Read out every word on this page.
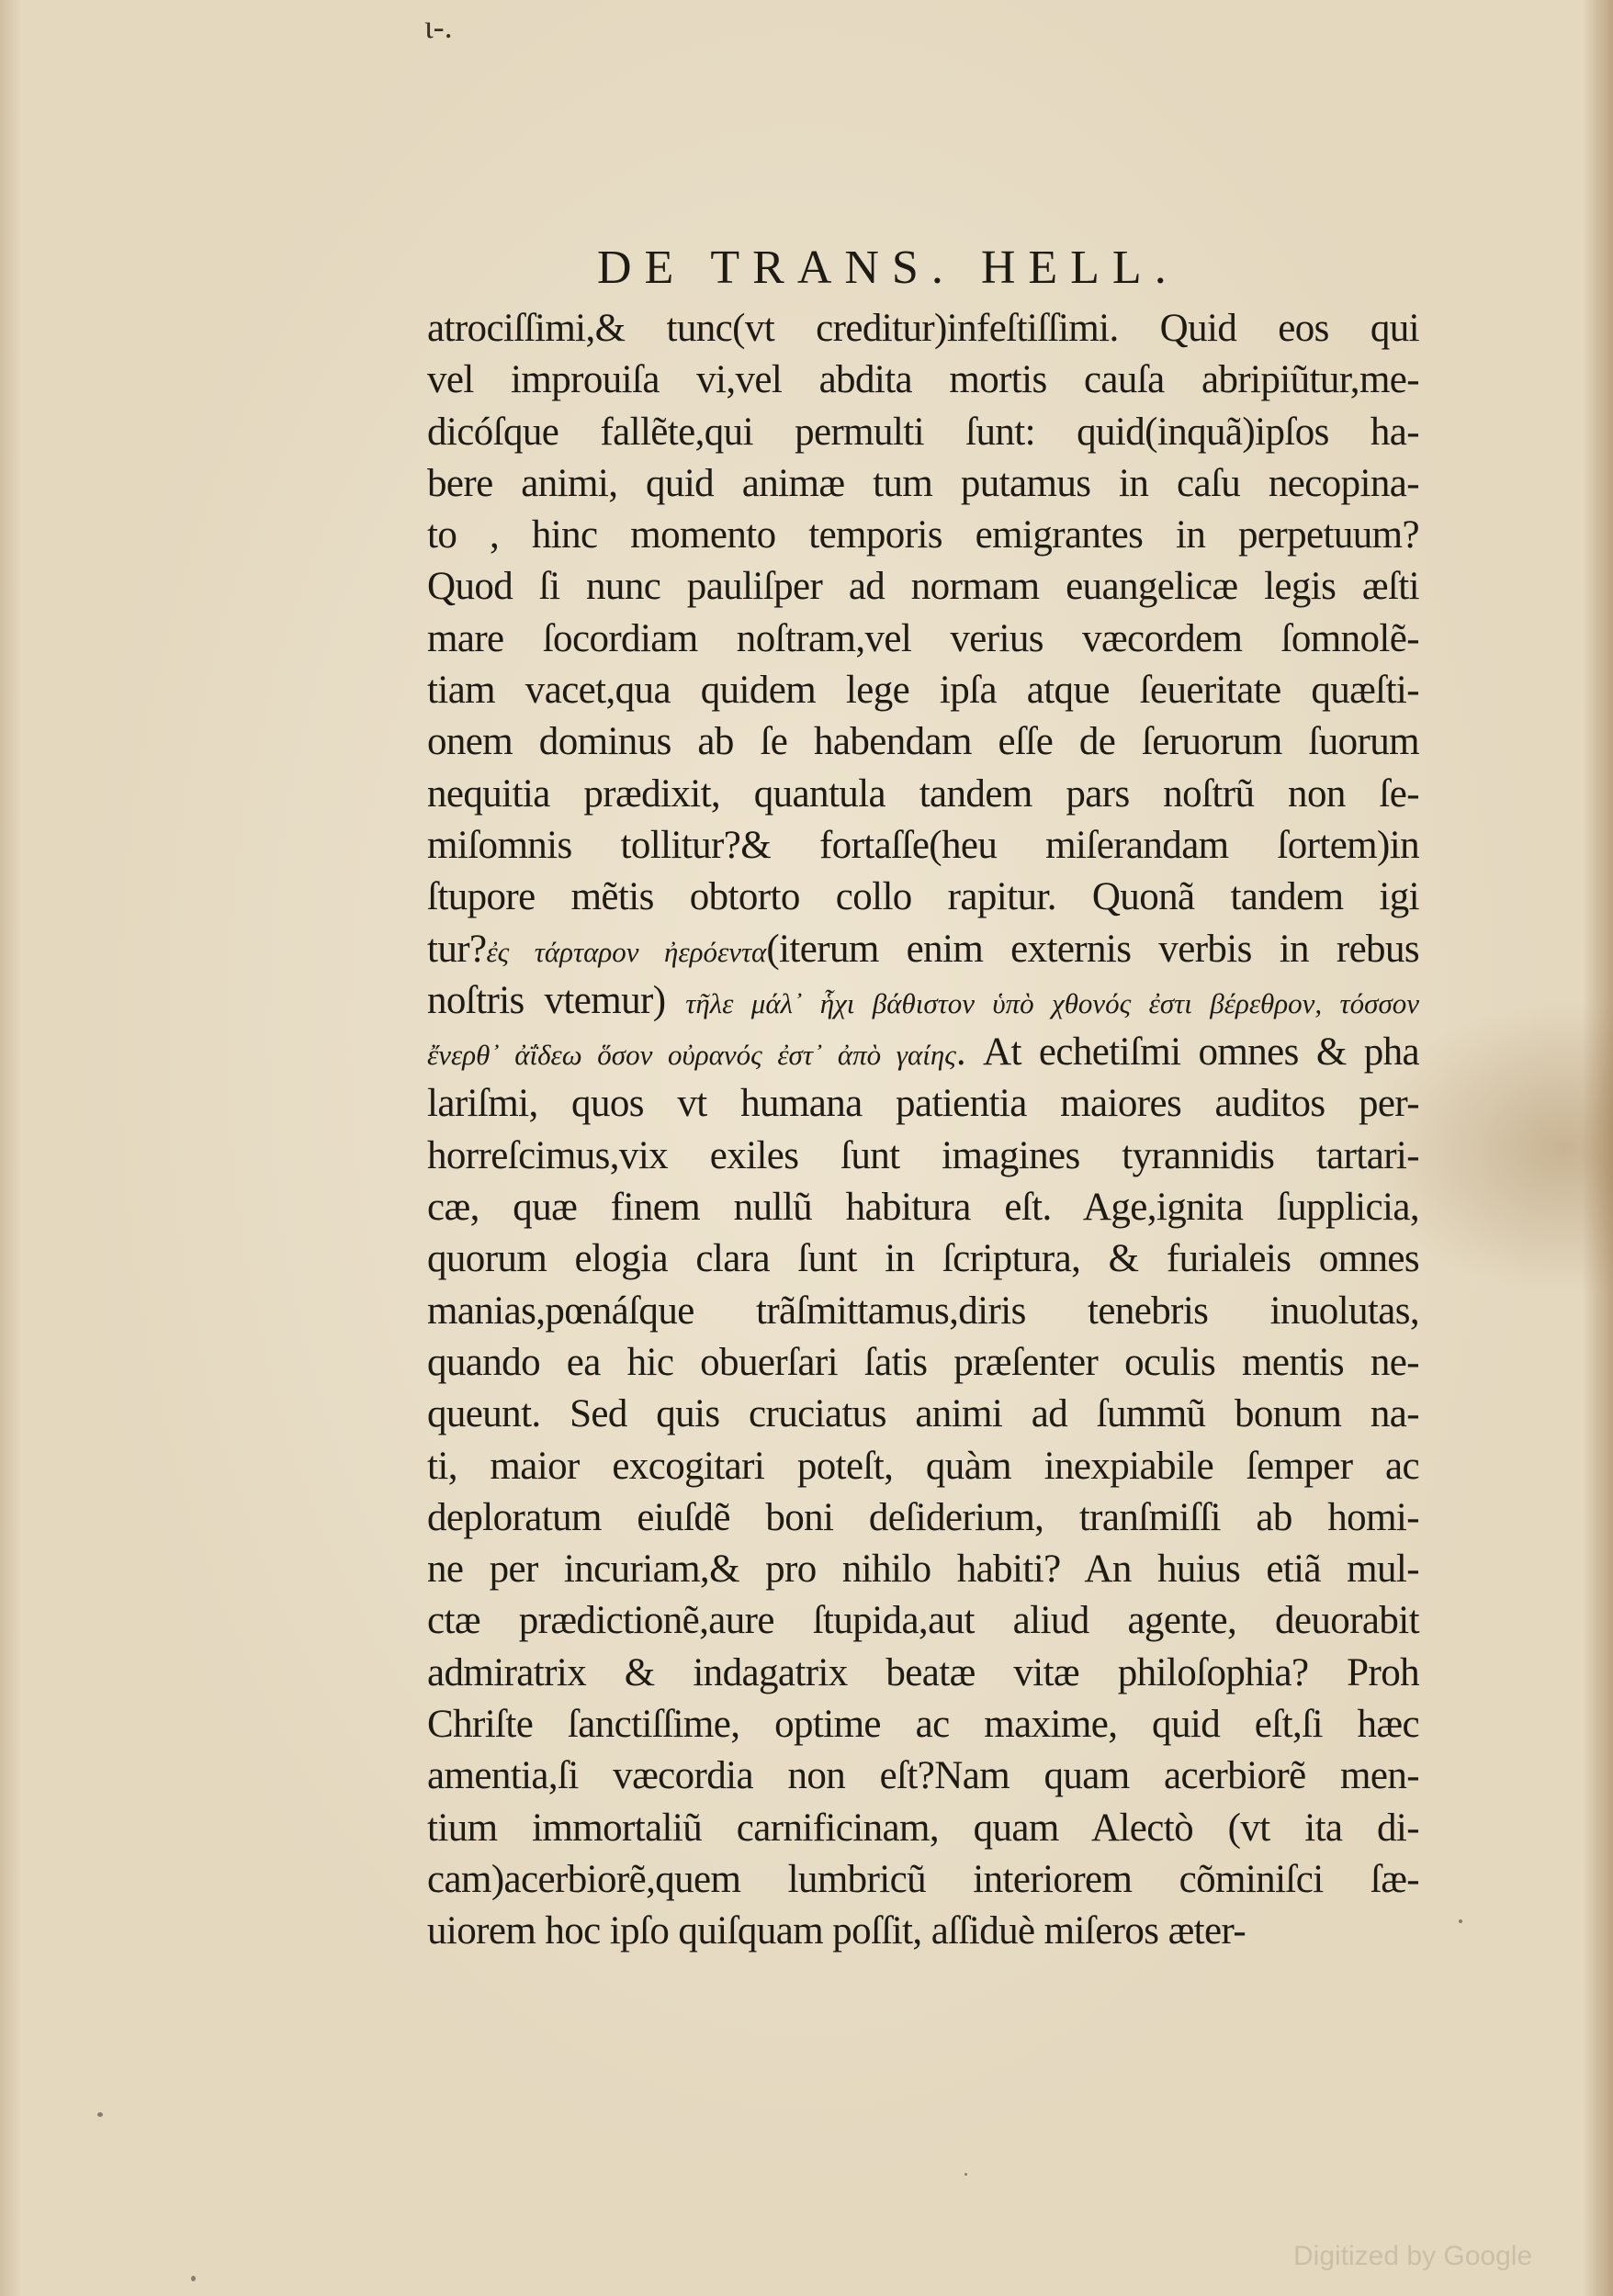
ι-.
DE TRANS. HELL.
atrociſſimi,& tunc(vt creditur)infeſtiſſimi. Quid eos qui
vel improuiſa vi,vel abdita mortis cauſa abripiũtur,me-
dicóſque fallẽte,qui permulti ſunt: quid(inquã)ipſos ha-
bere animi, quid animæ tum putamus in caſu necopina-
to , hinc momento temporis emigrantes in perpetuum?
Quod ſi nunc pauliſper ad normam euangelicæ legis æſti
mare ſocordiam noſtram,vel verius væcordem ſomnolẽ-
tiam vacet,qua quidem lege ipſa atque ſeueritate quæſti-
onem dominus ab ſe habendam eſſe de ſeruorum ſuorum
nequitia prædixit, quantula tandem pars noſtrũ non ſe-
miſomnis tollitur?& fortaſſe(heu miſerandam ſortem)in
ſtupore mẽtis obtorto collo rapitur. Quonã tandem igi
tur?ἐς τάρταρον ἠερόεντα(iterum enim externis verbis in rebus
noſtris vtemur) τῆλε μάλ᾽ ἧχι βάθιστον ὑπὸ χθονός ἐστι βέρεθρον, τόσσον
ἔνερθ᾽ ἀΐδεω ὅσον οὐρανός ἐστ᾽ ἀπὸ γαίης. At echetiſmi omnes & pha
lariſmi, quos vt humana patientia maiores auditos per-
horreſcimus,vix exiles ſunt imagines tyrannidis tartari-
cæ, quæ finem nullũ habitura eſt. Age,ignita ſupplicia,
quorum elogia clara ſunt in ſcriptura, & furialeis omnes
manias,pœnáſque trãſmittamus,diris tenebris inuolutas,
quando ea hic obuerſari ſatis præſenter oculis mentis ne-
queunt. Sed quis cruciatus animi ad ſummũ bonum na-
ti, maior excogitari poteſt, quàm inexpiabile ſemper ac
deploratum eiuſdẽ boni deſiderium, tranſmiſſi ab homi-
ne per incuriam,& pro nihilo habiti? An huius etiã mul-
ctæ prædictionẽ,aure ſtupida,aut aliud agente, deuorabit
admiratrix & indagatrix beatæ vitæ philoſophia? Proh
Chriſte ſanctiſſime, optime ac maxime, quid eſt,ſi hæc
amentia,ſi væcordia non eſt?Nam quam acerbiorẽ men-
tium immortaliũ carnificinam, quam Alectò (vt ita di-
cam)acerbiorẽ,quem lumbricũ interiorem cõminiſci ſæ-
uiorem hoc ipſo quiſquam poſſit, aſſiduè miſeros æter-
Digitized by Google
